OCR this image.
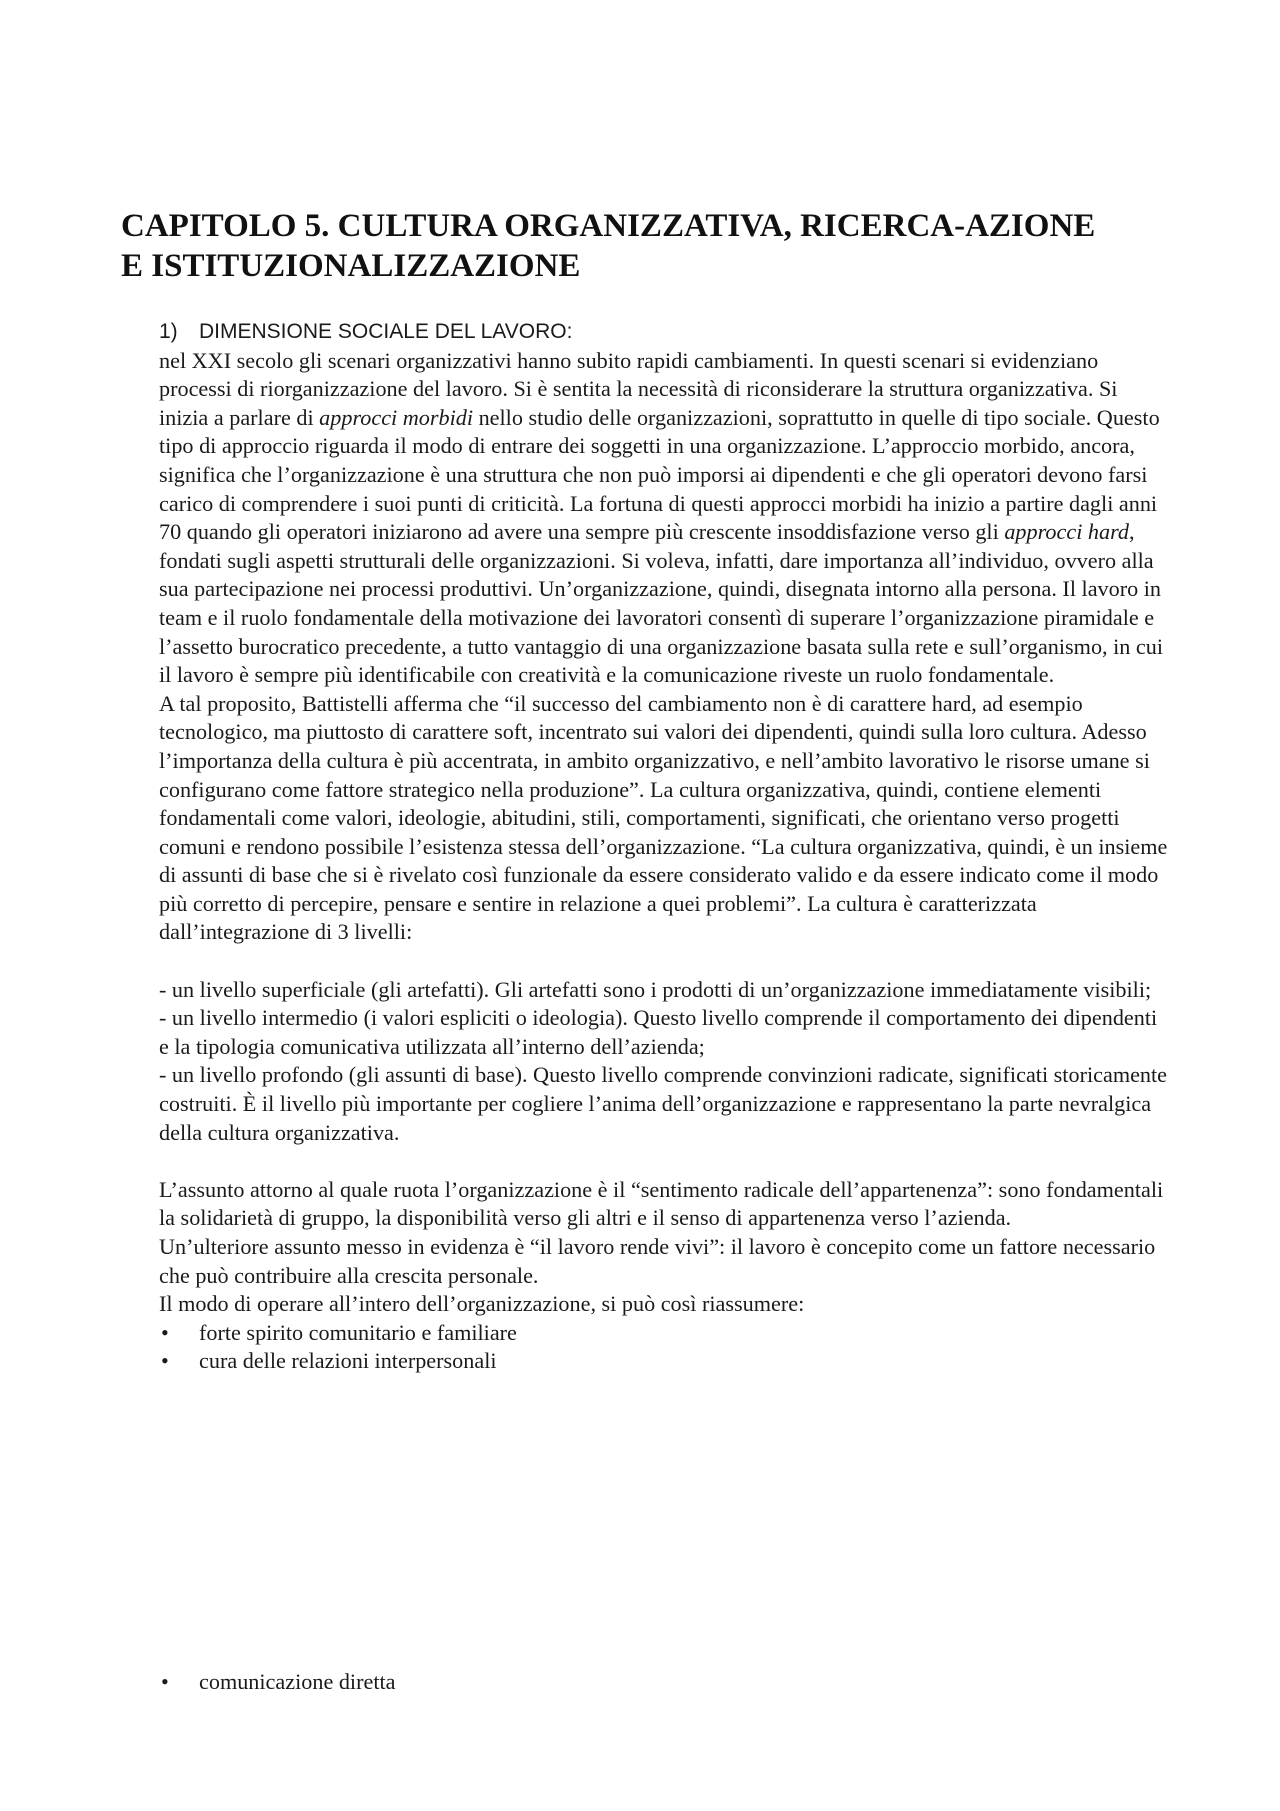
CAPITOLO 5. CULTURA ORGANIZZATIVA, RICERCA-AZIONE
E ISTITUZIONALIZZAZIONE

1) DIMENSIONE SOCIALE DEL LAVORO:

nel XXI secolo gli scenari organizzativi hanno subito rapidi cambiamenti. In questi scenari si evidenziano processi di riorganizzazione del lavoro. Si è sentita la necessità di riconsiderare la struttura organizzativa. Si inizia a parlare di approcci morbidi nello studio delle organizzazioni, soprattutto in quelle di tipo sociale. Questo tipo di approccio riguarda il modo di entrare dei soggetti in una organizzazione. L’approccio morbido, ancora, significa che l’organizzazione è una struttura che non può imporsi ai dipendenti e che gli operatori devono farsi carico di comprendere i suoi punti di criticità. La fortuna di questi approcci morbidi ha inizio a partire dagli anni 70 quando gli operatori iniziarono ad avere una sempre più crescente insoddisfazione verso gli approcci hard, fondati sugli aspetti strutturali delle organizzazioni. Si voleva, infatti, dare importanza all’individuo, ovvero alla sua partecipazione nei processi produttivi. Un’organizzazione, quindi, disegnata intorno alla persona. Il lavoro in team e il ruolo fondamentale della motivazione dei lavoratori consentì di superare l’organizzazione piramidale e l’assetto burocratico precedente, a tutto vantaggio di una organizzazione basata sulla rete e sull’organismo, in cui il lavoro è sempre più identificabile con creatività e la comunicazione riveste un ruolo fondamentale.

A tal proposito, Battistelli afferma che “il successo del cambiamento non è di carattere hard, ad esempio tecnologico, ma piuttosto di carattere soft, incentrato sui valori dei dipendenti, quindi sulla loro cultura. Adesso l’importanza della cultura è più accentrata, in ambito organizzativo, e nell’ambito lavorativo le risorse umane si configurano come fattore strategico nella produzione”. La cultura organizzativa, quindi, contiene elementi fondamentali come valori, ideologie, abitudini, stili, comportamenti, significati, che orientano verso progetti comuni e rendono possibile l’esistenza stessa dell’organizzazione. “La cultura organizzativa, quindi, è un insieme di assunti di base che si è rivelato così funzionale da essere considerato valido e da essere indicato come il modo più corretto di percepire, pensare e sentire in relazione a quei problemi”. La cultura è caratterizzata dall’integrazione di 3 livelli:

- un livello superficiale (gli artefatti). Gli artefatti sono i prodotti di un’organizzazione immediatamente visibili;

- un livello intermedio (i valori espliciti o ideologia). Questo livello comprende il comportamento dei dipendenti e la tipologia comunicativa utilizzata all’interno dell’azienda;

- un livello profondo (gli assunti di base). Questo livello comprende convinzioni radicate, significati storicamente costruiti. È il livello più importante per cogliere l’anima dell’organizzazione e rappresentano la parte nevralgica della cultura organizzativa.

L’assunto attorno al quale ruota l’organizzazione è il “sentimento radicale dell’appartenenza”: sono fondamentali la solidarietà di gruppo, la disponibilità verso gli altri e il senso di appartenenza verso l’azienda.

Un’ulteriore assunto messo in evidenza è “il lavoro rende vivi”: il lavoro è concepito come un fattore necessario che può contribuire alla crescita personale.

Il modo di operare all’intero dell’organizzazione, si può così riassumere:

• forte spirito comunitario e familiare
• cura delle relazioni interpersonali
• comunicazione diretta
